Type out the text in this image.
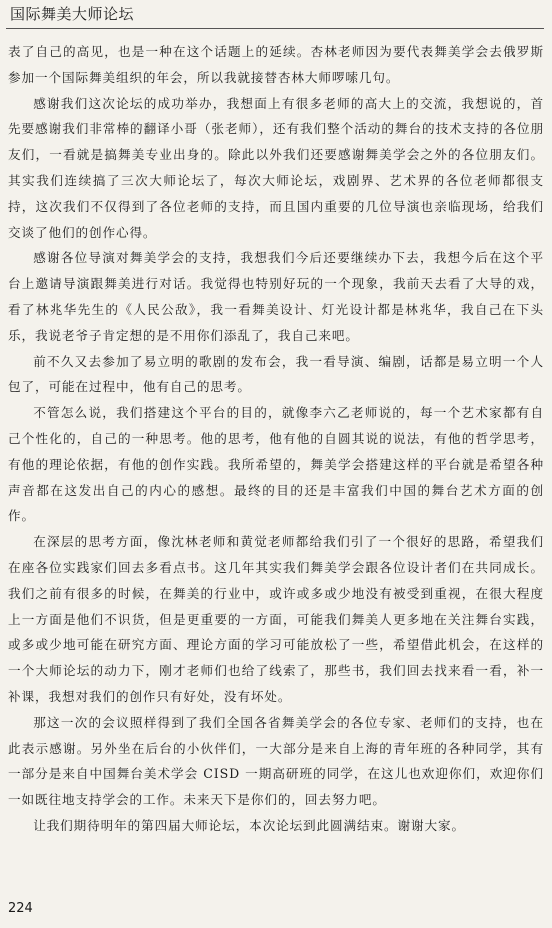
国际舞美大师论坛

表了自己的高见，也是一种在这个话题上的延续。杏林老师因为要代表舞美学会去俄罗斯参加一个国际舞美组织的年会，所以我就接替杏林大师啰嗦几句。

感谢我们这次论坛的成功举办，我想面上有很多老师的高大上的交流，我想说的，首先要感谢我们非常棒的翻译小哥（张老师），还有我们整个活动的舞台的技术支持的各位朋友们，一看就是搞舞美专业出身的。除此以外我们还要感谢舞美学会之外的各位朋友们。其实我们连续搞了三次大师论坛了，每次大师论坛，戏剧界、艺术界的各位老师都很支持，这次我们不仅得到了各位老师的支持，而且国内重要的几位导演也亲临现场，给我们交谈了他们的创作心得。

感谢各位导演对舞美学会的支持，我想我们今后还要继续办下去，我想今后在这个平台上邀请导演跟舞美进行对话。我觉得也特别好玩的一个现象，我前天去看了大导的戏，看了林兆华先生的《人民公敌》，我一看舞美设计、灯光设计都是林兆华，我自己在下头乐，我说老爷子肯定想的是不用你们添乱了，我自己来吧。

前不久又去参加了易立明的歌剧的发布会，我一看导演、编剧，话都是易立明一个人包了，可能在过程中，他有自己的思考。

不管怎么说，我们搭建这个平台的目的，就像李六乙老师说的，每一个艺术家都有自己个性化的，自己的一种思考。他的思考，他有他的自圆其说的说法，有他的哲学思考，有他的理论依据，有他的创作实践。我所希望的，舞美学会搭建这样的平台就是希望各种声音都在这发出自己的内心的感想。最终的目的还是丰富我们中国的舞台艺术方面的创作。

在深层的思考方面，像沈林老师和黄觉老师都给我们引了一个很好的思路，希望我们在座各位实践家们回去多看点书。这几年其实我们舞美学会跟各位设计者们在共同成长。我们之前有很多的时候，在舞美的行业中，或许或多或少地没有被受到重视，在很大程度上一方面是他们不识货，但是更重要的一方面，可能我们舞美人更多地在关注舞台实践，或多或少地可能在研究方面、理论方面的学习可能放松了一些，希望借此机会，在这样的一个大师论坛的动力下，刚才老师们也给了线索了，那些书，我们回去找来看一看，补一补课，我想对我们的创作只有好处，没有坏处。

那这一次的会议照样得到了我们全国各省舞美学会的各位专家、老师们的支持，也在此表示感谢。另外坐在后台的小伙伴们，一大部分是来自上海的青年班的各种同学，其有一部分是来自中国舞台美术学会 CISD 一期高研班的同学，在这儿也欢迎你们，欢迎你们一如既往地支持学会的工作。未来天下是你们的，回去努力吧。

让我们期待明年的第四届大师论坛，本次论坛到此圆满结束。谢谢大家。

224
